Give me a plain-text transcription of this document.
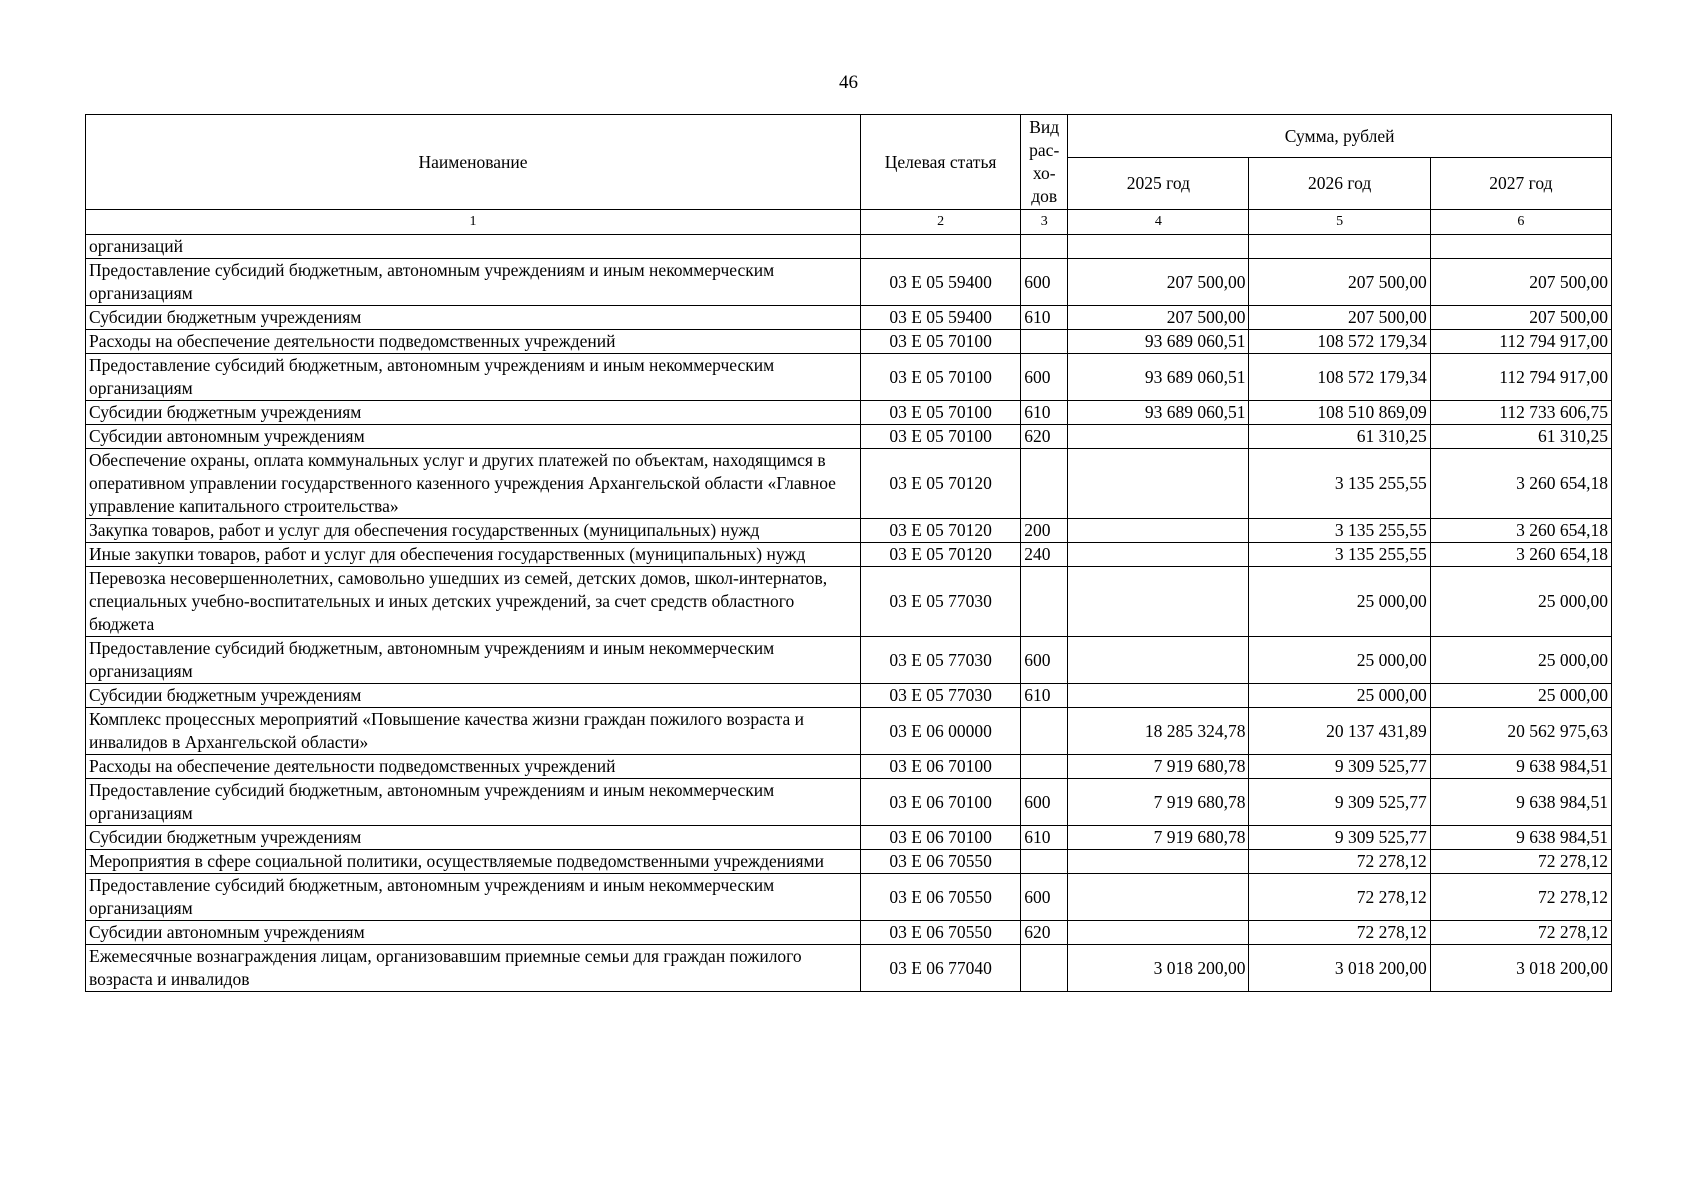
46
Наименование	Целевая статья	Вид
рас-
хо-
дов	Сумма, рублей		
			2025 год	2026 год	2027 год
1	2	3	4	5	6
организаций					
Предоставление субсидий бюджетным, автономным учреждениям и иным некоммерческим организациям	03 Е 05 59400	600	207 500,00	207 500,00	207 500,00
Субсидии бюджетным учреждениям	03 Е 05 59400	610	207 500,00	207 500,00	207 500,00
Расходы на обеспечение деятельности подведомственных учреждений	03 Е 05 70100		93 689 060,51	108 572 179,34	112 794 917,00
Предоставление субсидий бюджетным, автономным учреждениям и иным некоммерческим организациям	03 Е 05 70100	600	93 689 060,51	108 572 179,34	112 794 917,00
Субсидии бюджетным учреждениям	03 Е 05 70100	610	93 689 060,51	108 510 869,09	112 733 606,75
Субсидии автономным учреждениям	03 Е 05 70100	620		61 310,25	61 310,25
Обеспечение охраны, оплата коммунальных услуг и других платежей по объектам, находящимся в оперативном управлении государственного казенного учреждения Архангельской области «Главное управление капитального строительства»	03 Е 05 70120			3 135 255,55	3 260 654,18
Закупка товаров, работ и услуг для обеспечения государственных (муниципальных) нужд	03 Е 05 70120	200		3 135 255,55	3 260 654,18
Иные закупки товаров, работ и услуг для обеспечения государственных (муниципальных) нужд	03 Е 05 70120	240		3 135 255,55	3 260 654,18
Перевозка несовершеннолетних, самовольно ушедших из семей, детских домов, школ-интернатов, специальных учебно-воспитательных и иных детских учреждений, за счет средств областного бюджета	03 Е 05 77030			25 000,00	25 000,00
Предоставление субсидий бюджетным, автономным учреждениям и иным некоммерческим организациям	03 Е 05 77030	600		25 000,00	25 000,00
Субсидии бюджетным учреждениям	03 Е 05 77030	610		25 000,00	25 000,00
Комплекс процессных мероприятий «Повышение качества жизни граждан пожилого возраста и инвалидов в Архангельской области»	03 Е 06 00000		18 285 324,78	20 137 431,89	20 562 975,63
Расходы на обеспечение деятельности подведомственных учреждений	03 Е 06 70100		7 919 680,78	9 309 525,77	9 638 984,51
Предоставление субсидий бюджетным, автономным учреждениям и иным некоммерческим организациям	03 Е 06 70100	600	7 919 680,78	9 309 525,77	9 638 984,51
Субсидии бюджетным учреждениям	03 Е 06 70100	610	7 919 680,78	9 309 525,77	9 638 984,51
Мероприятия в сфере социальной политики, осуществляемые подведомственными учреждениями	03 Е 06 70550			72 278,12	72 278,12
Предоставление субсидий бюджетным, автономным учреждениям и иным некоммерческим организациям	03 Е 06 70550	600		72 278,12	72 278,12
Субсидии автономным учреждениям	03 Е 06 70550	620		72 278,12	72 278,12
Ежемесячные вознаграждения лицам, организовавшим приемные семьи для граждан пожилого возраста и инвалидов	03 Е 06 77040		3 018 200,00	3 018 200,00	3 018 200,00
